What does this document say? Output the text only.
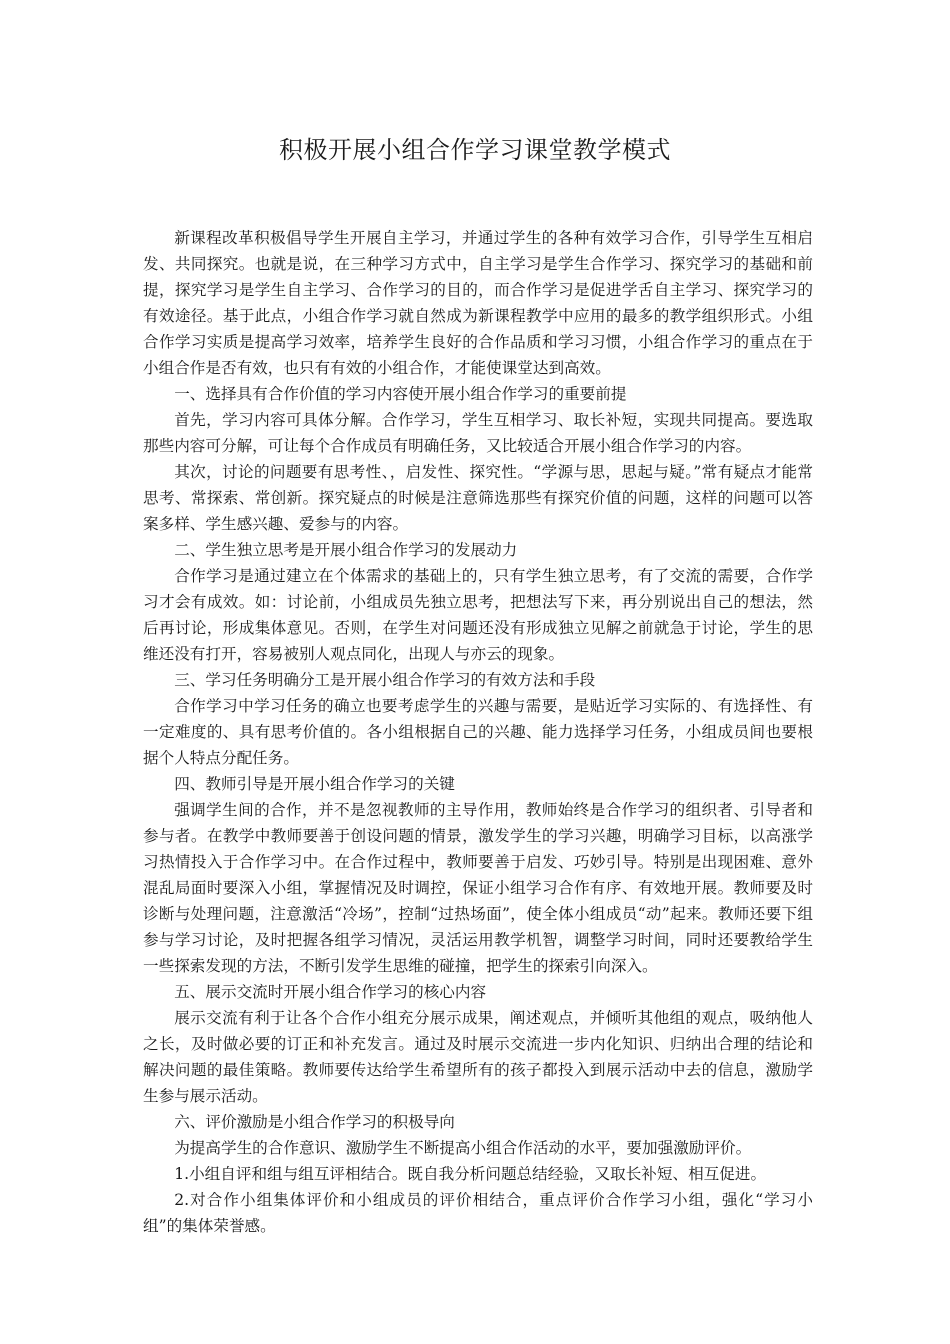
积极开展小组合作学习课堂教学模式

新课程改革积极倡导学生开展自主学习，并通过学生的各种有效学习合作，引导学生互相启发、共同探究。也就是说，在三种学习方式中，自主学习是学生合作学习、探究学习的基础和前提，探究学习是学生自主学习、合作学习的目的，而合作学习是促进学舌自主学习、探究学习的有效途径。基于此点，小组合作学习就自然成为新课程教学中应用的最多的教学组织形式。小组合作学习实质是提高学习效率，培养学生良好的合作品质和学习习惯，小组合作学习的重点在于小组合作是否有效，也只有有效的小组合作，才能使课堂达到高效。

一、选择具有合作价值的学习内容使开展小组合作学习的重要前提

首先，学习内容可具体分解。合作学习，学生互相学习、取长补短，实现共同提高。要选取那些内容可分解，可让每个合作成员有明确任务，又比较适合开展小组合作学习的内容。

其次，讨论的问题要有思考性、，启发性、探究性。“学源与思，思起与疑。”常有疑点才能常思考、常探索、常创新。探究疑点的时候是注意筛选那些有探究价值的问题，这样的问题可以答案多样、学生感兴趣、爱参与的内容。

二、学生独立思考是开展小组合作学习的发展动力

合作学习是通过建立在个体需求的基础上的，只有学生独立思考，有了交流的需要，合作学习才会有成效。如：讨论前，小组成员先独立思考，把想法写下来，再分别说出自己的想法，然后再讨论，形成集体意见。否则，在学生对问题还没有形成独立见解之前就急于讨论，学生的思维还没有打开，容易被别人观点同化，出现人与亦云的现象。

三、学习任务明确分工是开展小组合作学习的有效方法和手段

合作学习中学习任务的确立也要考虑学生的兴趣与需要，是贴近学习实际的、有选择性、有一定难度的、具有思考价值的。各小组根据自己的兴趣、能力选择学习任务，小组成员间也要根据个人特点分配任务。

四、教师引导是开展小组合作学习的关键

强调学生间的合作，并不是忽视教师的主导作用，教师始终是合作学习的组织者、引导者和参与者。在教学中教师要善于创设问题的情景，激发学生的学习兴趣，明确学习目标，以高涨学习热情投入于合作学习中。在合作过程中，教师要善于启发、巧妙引导。特别是出现困难、意外混乱局面时要深入小组，掌握情况及时调控，保证小组学习合作有序、有效地开展。教师要及时诊断与处理问题，注意激活“冷场”，控制“过热场面”，使全体小组成员“动”起来。教师还要下组参与学习讨论，及时把握各组学习情况，灵活运用教学机智，调整学习时间，同时还要教给学生一些探索发现的方法，不断引发学生思维的碰撞，把学生的探索引向深入。

五、展示交流时开展小组合作学习的核心内容

展示交流有利于让各个合作小组充分展示成果，阐述观点，并倾听其他组的观点，吸纳他人之长，及时做必要的订正和补充发言。通过及时展示交流进一步内化知识、归纳出合理的结论和解决问题的最佳策略。教师要传达给学生希望所有的孩子都投入到展示活动中去的信息，激励学生参与展示活动。

六、评价激励是小组合作学习的积极导向

为提高学生的合作意识、激励学生不断提高小组合作活动的水平，要加强激励评价。

1.小组自评和组与组互评相结合。既自我分析问题总结经验，又取长补短、相互促进。

2.对合作小组集体评价和小组成员的评价相结合，重点评价合作学习小组，强化“学习小组”的集体荣誉感。
